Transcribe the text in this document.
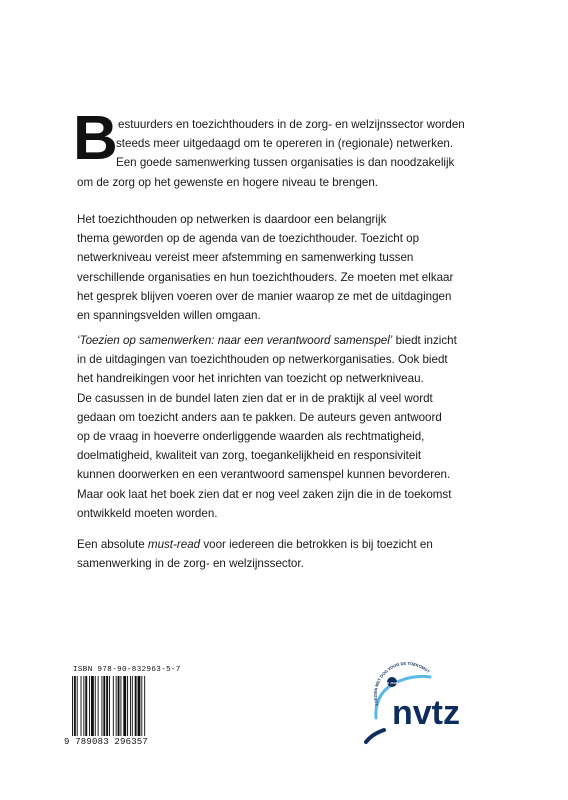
B estuurders en toezichthouders in de zorg- en welzijnssector worden
steeds meer uitgedaagd om te opereren in (regionale) netwerken.
Een goede samenwerking tussen organisaties is dan noodzakelijk
om de zorg op het gewenste en hogere niveau te brengen.
Het toezichthouden op netwerken is daardoor een belangrijk
thema geworden op de agenda van de toezichthouder. Toezicht op
netwerkniveau vereist meer afstemming en samenwerking tussen
verschillende organisaties en hun toezichthouders. Ze moeten met elkaar
het gesprek blijven voeren over de manier waarop ze met de uitdagingen
en spanningsvelden willen omgaan.
‘Toezien op samenwerken: naar een verantwoord samenspel’ biedt inzicht
in de uitdagingen van toezichthouden op netwerkorganisaties. Ook biedt
het handreikingen voor het inrichten van toezicht op netwerkniveau.
De casussen in de bundel laten zien dat er in de praktijk al veel wordt
gedaan om toezicht anders aan te pakken. De auteurs geven antwoord
op de vraag in hoeverre onderliggende waarden als rechtmatigheid,
doelmatigheid, kwaliteit van zorg, toegankelijkheid en responsiviteit
kunnen doorwerken en een verantwoord samenspel kunnen bevorderen.
Maar ook laat het boek zien dat er nog veel zaken zijn die in de toekomst
ontwikkeld moeten worden.
Een absolute must-read voor iedereen die betrokken is bij toezicht en
samenwerking in de zorg- en welzijnssector.
ISBN 978-90-832963-5-7
9 789083 296357
30 JAAR
TOEZIEN MET OOG VOOR DE TOEKOMST
nvtz
